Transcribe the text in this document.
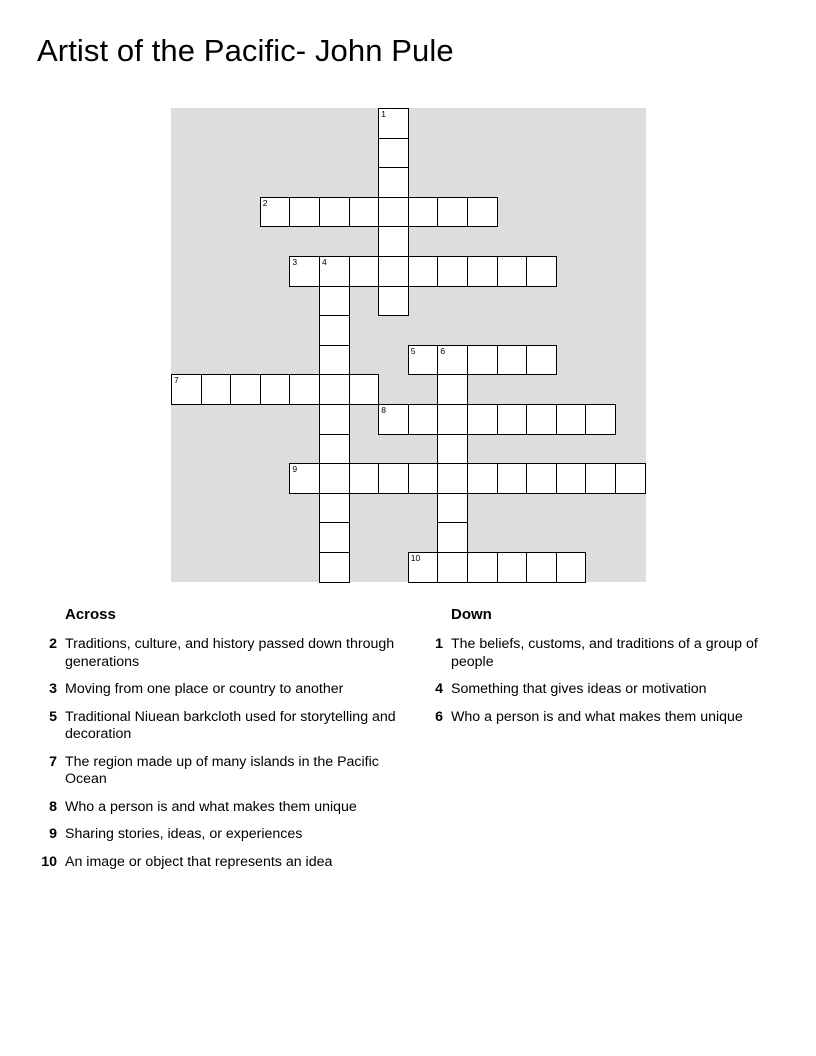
Artist of the Pacific- John Pule
1
2
3	4
5	6
7
8
9
10
Across
2 Traditions, culture, and history passed down through generations
3 Moving from one place or country to another
5 Traditional Niuean barkcloth used for storytelling and decoration
7 The region made up of many islands in the Pacific Ocean
8 Who a person is and what makes them unique
9 Sharing stories, ideas, or experiences
10 An image or object that represents an idea
Down
1 The beliefs, customs, and traditions of a group of people
4 Something that gives ideas or motivation
6 Who a person is and what makes them unique
